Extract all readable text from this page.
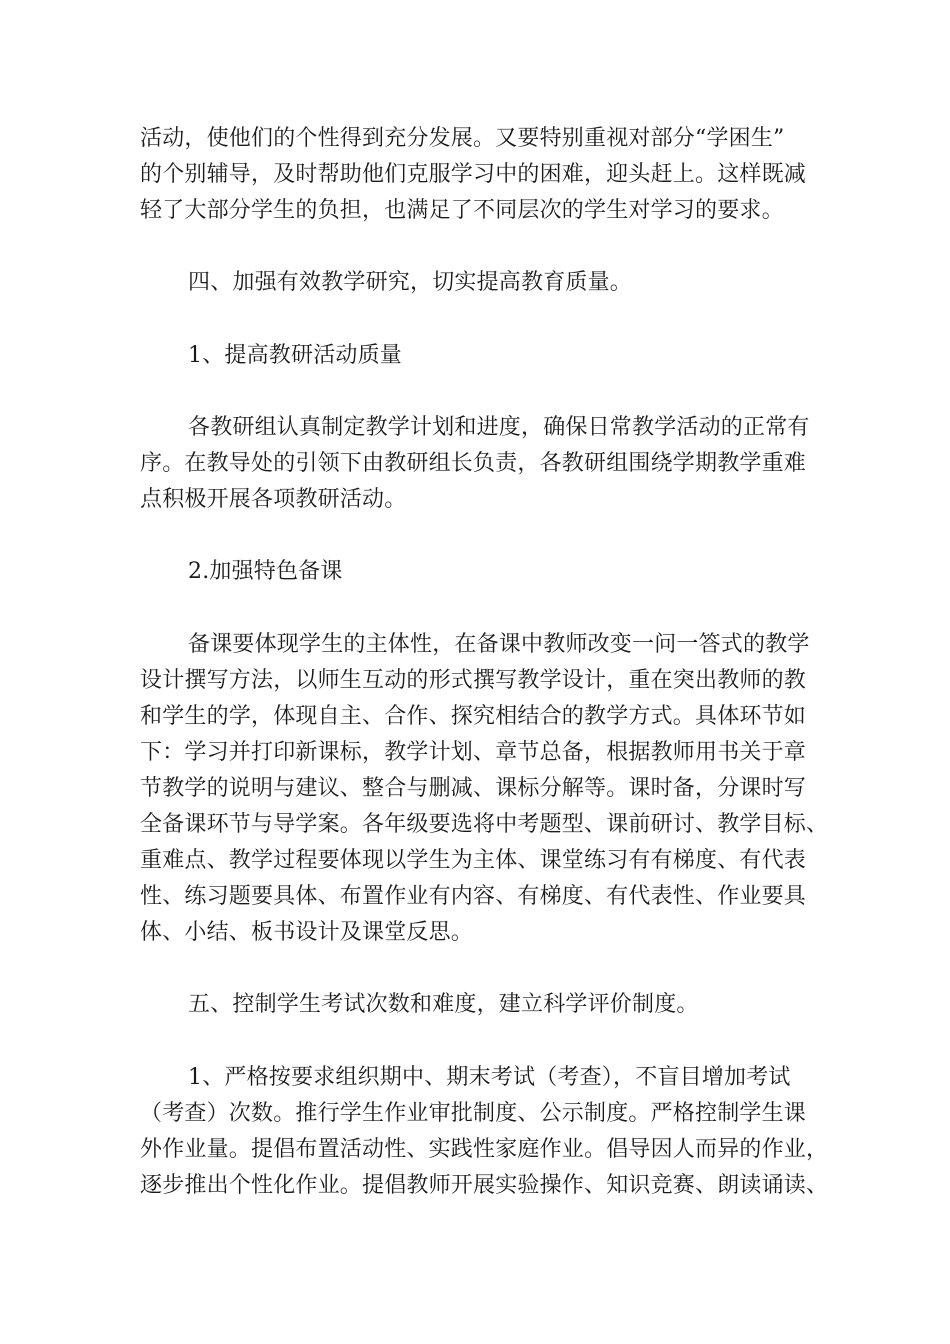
活动，使他们的个性得到充分发展。又要特别重视对部分“学困生”
的个别辅导，及时帮助他们克服学习中的困难，迎头赶上。这样既减
轻了大部分学生的负担，也满足了不同层次的学生对学习的要求。
四、加强有效教学研究，切实提高教育质量。
1、提高教研活动质量
各教研组认真制定教学计划和进度，确保日常教学活动的正常有
序。在教导处的引领下由教研组长负责，各教研组围绕学期教学重难
点积极开展各项教研活动。
2.加强特色备课
备课要体现学生的主体性，在备课中教师改变一问一答式的教学
设计撰写方法，以师生互动的形式撰写教学设计，重在突出教师的教
和学生的学，体现自主、合作、探究相结合的教学方式。具体环节如
下：学习并打印新课标，教学计划、章节总备，根据教师用书关于章
节教学的说明与建议、整合与删减、课标分解等。课时备，分课时写
全备课环节与导学案。各年级要选将中考题型、课前研讨、教学目标、
重难点、教学过程要体现以学生为主体、课堂练习有有梯度、有代表
性、练习题要具体、布置作业有内容、有梯度、有代表性、作业要具
体、小结、板书设计及课堂反思。
五、控制学生考试次数和难度，建立科学评价制度。
1、严格按要求组织期中、期末考试（考查），不盲目增加考试
（考查）次数。推行学生作业审批制度、公示制度。严格控制学生课
外作业量。提倡布置活动性、实践性家庭作业。倡导因人而异的作业，
逐步推出个性化作业。提倡教师开展实验操作、知识竞赛、朗读诵读、
